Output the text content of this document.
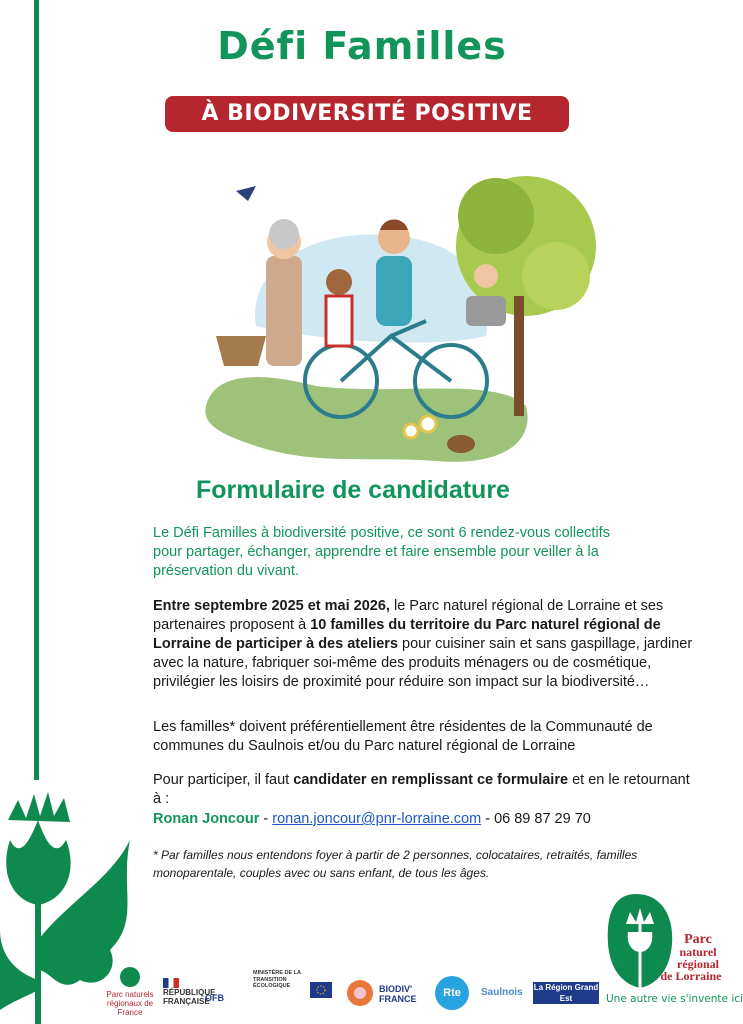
Défi Familles
À BIODIVERSITÉ POSITIVE
Formulaire de candidature

Le Défi Familles à biodiversité positive, ce sont 6 rendez-vous collectifs pour partager, échanger, apprendre et faire ensemble pour veiller à la préservation du vivant.

Entre septembre 2025 et mai 2026, le Parc naturel régional de Lorraine et ses partenaires proposent à 10 familles du territoire du Parc naturel régional de Lorraine de participer à des ateliers pour cuisiner sain et sans gaspillage, jardiner avec la nature, fabriquer soi-même des produits ménagers ou de cosmétique, privilégier les loisirs de proximité pour réduire son impact sur la biodiversité…

Les familles* doivent préférentiellement être résidentes de la Communauté de communes du Saulnois et/ou du Parc naturel régional de Lorraine

Pour participer, il faut candidater en remplissant ce formulaire et en le retournant à :

Ronan Joncour - ronan.joncour@pnr-lorraine.com - 06 89 87 29 70

* Par familles nous entendons foyer à partir de 2 personnes, colocataires, retraités, familles monoparentale, couples avec ou sans enfant, de tous les âges.

Parc
naturel
régional
de Lorraine
Une autre vie s'invente ici
Parc naturels régionaux de France
RÉPUBLIQUE FRANÇAISE
OFB
MINISTÈRE DE LA TRANSITION ÉCOLOGIQUE	BIODIV' FRANCE	Rte	Saulnois La Région Grand Est
